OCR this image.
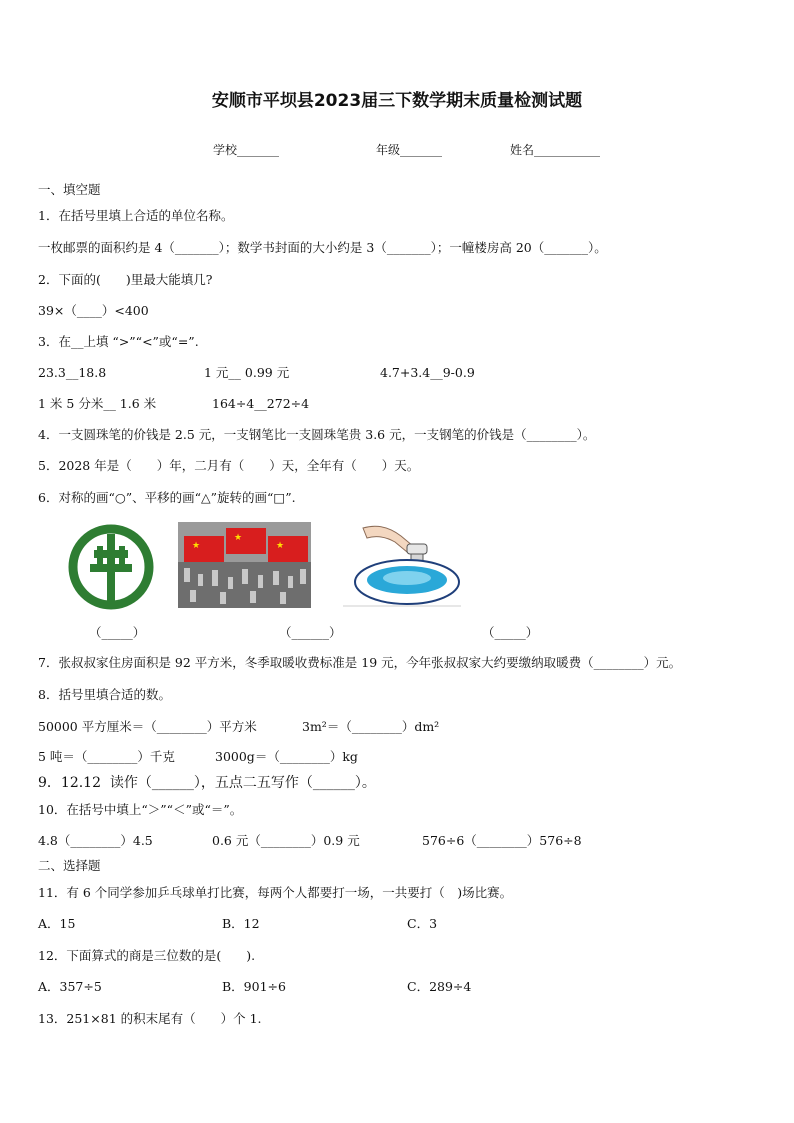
安顺市平坝县2023届三下数学期末质量检测试题
学校_______	年级_______	姓名___________
一、填空题
1．在括号里填上合适的单位名称。
一枚邮票的面积约是 4（_______）；数学书封面的大小约是 3（_______）；一幢楼房高 20（_______）。
2．下面的(　　)里最大能填几?
39×（____）<400
3．在__上填 “>”“<”或“=”.
23.3__18.8	1 元__ 0.99 元	4.7+3.4__9-0.9
1 米 5 分米__ 1.6 米	164÷4__272÷4
4．一支圆珠笔的价钱是 2.5 元，一支钢笔比一支圆珠笔贵 3.6 元，一支钢笔的价钱是（________）。
5．2028 年是（　　）年，二月有（　　）天，全年有（　　）天。
6．对称的画“○”、平移的画“△”旋转的画“□”.
★
★
★
（_____）	（______）	（_____）
7．张叔叔家住房面积是 92 平方米，冬季取暖收费标准是 19 元，今年张叔叔家大约要缴纳取暖费（________）元。
8．括号里填合适的数。
50000 平方厘米＝（________）平方米	3m²＝（________）dm²
5 吨＝（________）千克	3000g＝（________）kg
9．12.12  读作（______），五点二五写作（______）。
10．在括号中填上“＞”“＜”或“＝”。
4.8（________）4.5	0.6 元（________）0.9 元	576÷6（________）576÷8
二、选择题
11．有 6 个同学参加乒乓球单打比赛，每两个人都要打一场，一共要打（　)场比赛。
A．15	B．12	C．3
12．下面算式的商是三位数的是(　　).
A．357÷5	B．901÷6	C．289÷4
13．251×81 的积末尾有（　　）个 1.
